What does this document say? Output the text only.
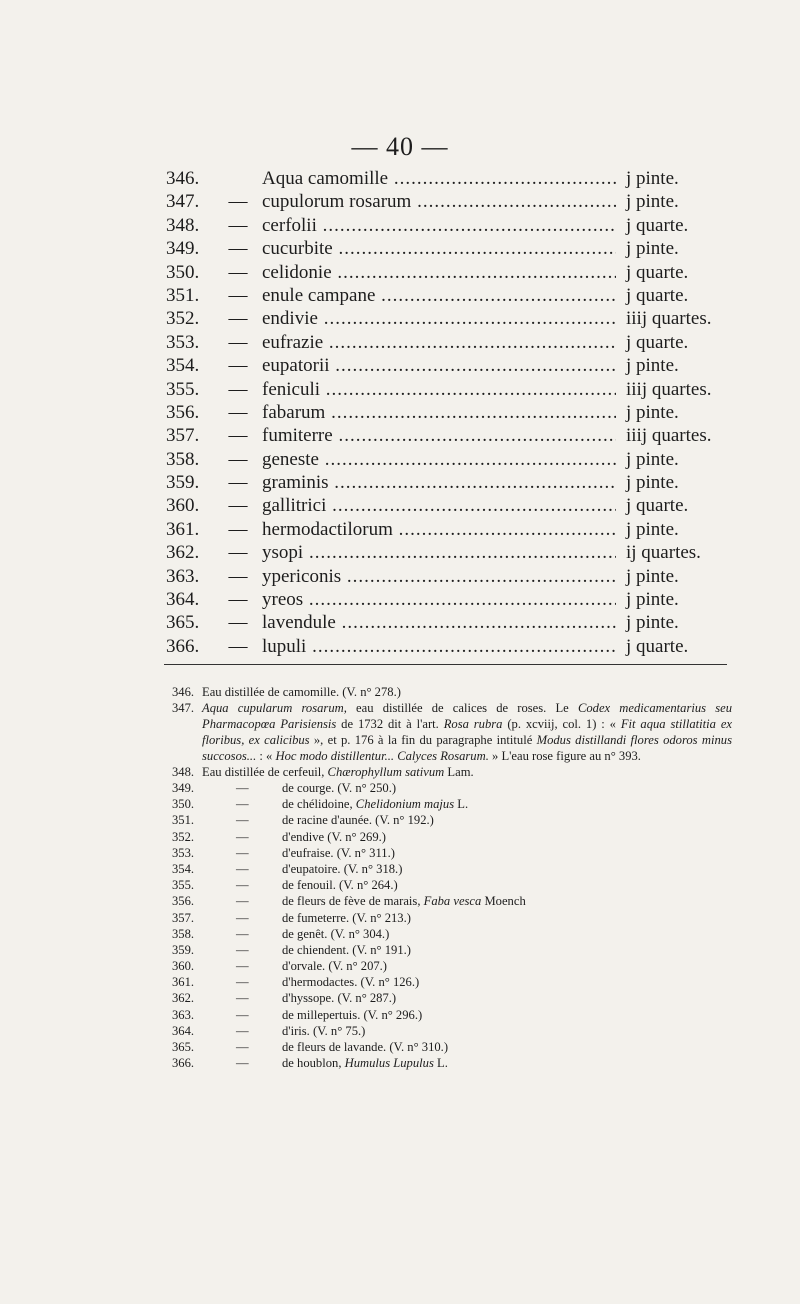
— 40 —
346.	Aqua camomille .....	j pinte.
347.	— cupulorum rosarum .....	j pinte.
348.	— cerfolii .....	j quarte.
349.	— cucurbite .....	j pinte.
350.	— celidonie .....	j quarte.
351.	— enule campane .....	j quarte.
352.	— endivie .....	iiij quartes.
353.	— eufrazie .....	j quarte.
354.	— eupatorii .....	j pinte.
355.	— feniculi .....	iiij quartes.
356.	— fabarum .....	j pinte.
357.	— fumiterre .....	iiij quartes.
358.	— geneste .....	j pinte.
359.	— graminis .....	j pinte.
360.	— gallitrici .....	j quarte.
361.	— hermodactilorum .....	j pinte.
362.	— ysopi .....	ij quartes.
363.	— ypericonis .....	j pinte.
364.	— yreos .....	j pinte.
365.	— lavendule .....	j pinte.
366.	— lupuli .....	j quarte.
346. Eau distillée de camomille. (V. n° 278.)
347. Aqua cupularum rosarum, eau distillée de calices de roses. Le Codex medicamentarius seu Pharmacopœa Parisiensis de 1732 dit à l'art. Rosa rubra (p. xcviij, col. 1) : « Fit aqua stillatitia ex floribus, ex calicibus », et p. 176 à la fin du paragraphe intitulé Modus distillandi flores odoros minus succosos... : « Hoc modo distillentur... Calyces Rosarum. » L'eau rose figure au n° 393.
348. Eau distillée de cerfeuil, Chærophyllum sativum Lam.
349.	—	de courge. (V. n° 250.)
350.	—	de chélidoine, Chelidonium majus L.
351.	—	de racine d'aunée. (V. n° 192.)
352.	—	d'endive (V. n° 269.)
353.	—	d'eufraise. (V. n° 311.)
354.	—	d'eupatoire. (V. n° 318.)
355.	—	de fenouil. (V. n° 264.)
356.	—	de fleurs de fève de marais, Faba vesca Moench
357.	—	de fumeterre. (V. n° 213.)
358.	—	de genêt. (V. n° 304.)
359.	—	de chiendent. (V. n° 191.)
360.	—	d'orvale. (V. n° 207.)
361.	—	d'hermodactes. (V. n° 126.)
362.	—	d'hyssope. (V. n° 287.)
363.	—	de millepertuis. (V. n° 296.)
364.	—	d'iris. (V. n° 75.)
365.	—	de fleurs de lavande. (V. n° 310.)
366.	—	de houblon, Humulus Lupulus L.
